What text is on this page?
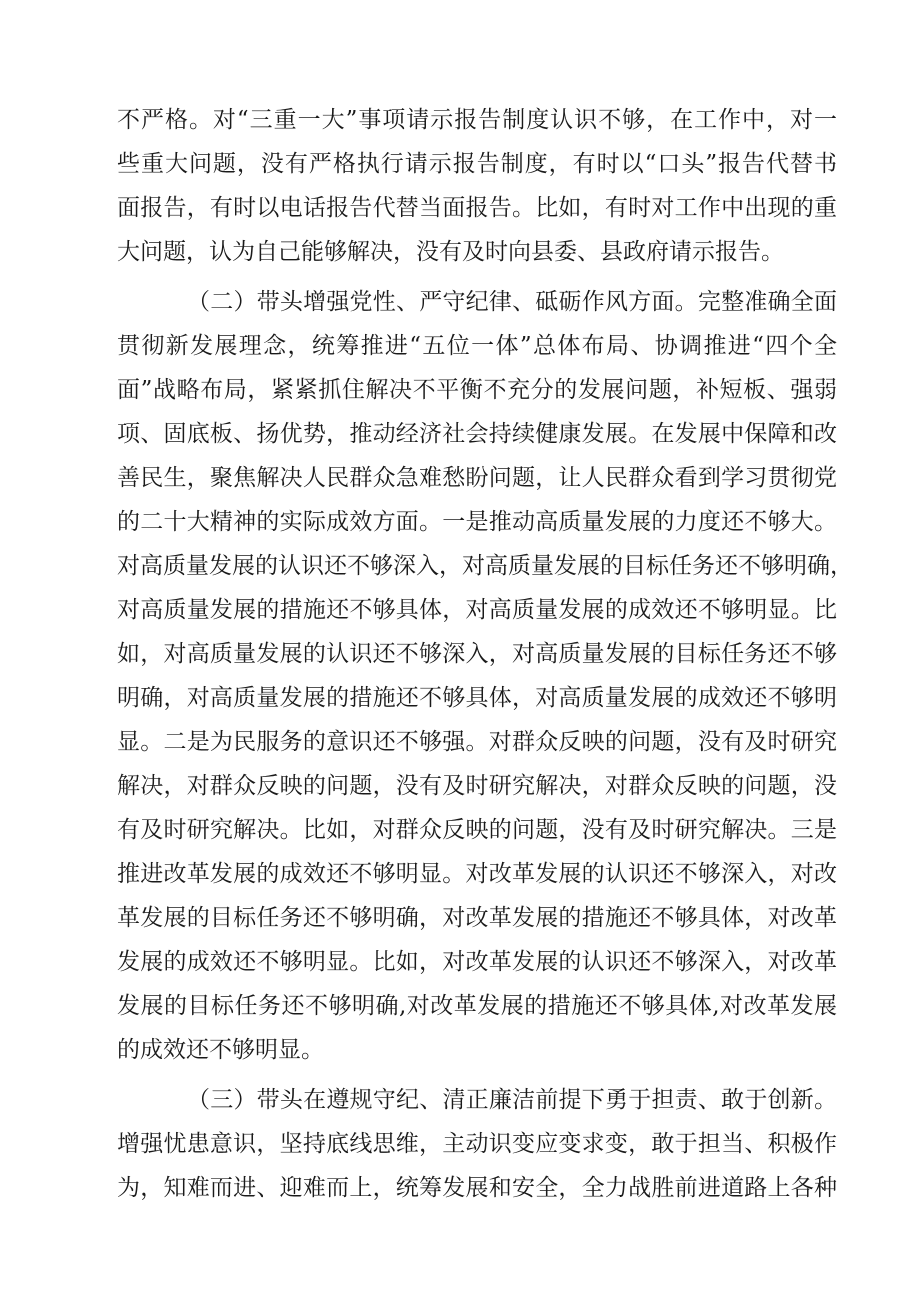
不严格。对“三重一大”事项请示报告制度认识不够，在工作中，对一
些重大问题，没有严格执行请示报告制度，有时以“口头”报告代替书
面报告，有时以电话报告代替当面报告。比如，有时对工作中出现的重
大问题，认为自己能够解决，没有及时向县委、县政府请示报告。
（二）带头增强党性、严守纪律、砥砺作风方面。完整准确全面
贯彻新发展理念，统筹推进“五位一体”总体布局、协调推进“四个全
面”战略布局，紧紧抓住解决不平衡不充分的发展问题，补短板、强弱
项、固底板、扬优势，推动经济社会持续健康发展。在发展中保障和改
善民生，聚焦解决人民群众急难愁盼问题，让人民群众看到学习贯彻党
的二十大精神的实际成效方面。一是推动高质量发展的力度还不够大。
对高质量发展的认识还不够深入，对高质量发展的目标任务还不够明确，
对高质量发展的措施还不够具体，对高质量发展的成效还不够明显。比
如，对高质量发展的认识还不够深入，对高质量发展的目标任务还不够
明确，对高质量发展的措施还不够具体，对高质量发展的成效还不够明
显。二是为民服务的意识还不够强。对群众反映的问题，没有及时研究
解决，对群众反映的问题，没有及时研究解决，对群众反映的问题，没
有及时研究解决。比如，对群众反映的问题，没有及时研究解决。三是
推进改革发展的成效还不够明显。对改革发展的认识还不够深入，对改
革发展的目标任务还不够明确，对改革发展的措施还不够具体，对改革
发展的成效还不够明显。比如，对改革发展的认识还不够深入，对改革
发展的目标任务还不够明确,对改革发展的措施还不够具体,对改革发展
的成效还不够明显。
（三）带头在遵规守纪、清正廉洁前提下勇于担责、敢于创新。
增强忧患意识，坚持底线思维，主动识变应变求变，敢于担当、积极作
为，知难而进、迎难而上，统筹发展和安全，全力战胜前进道路上各种
